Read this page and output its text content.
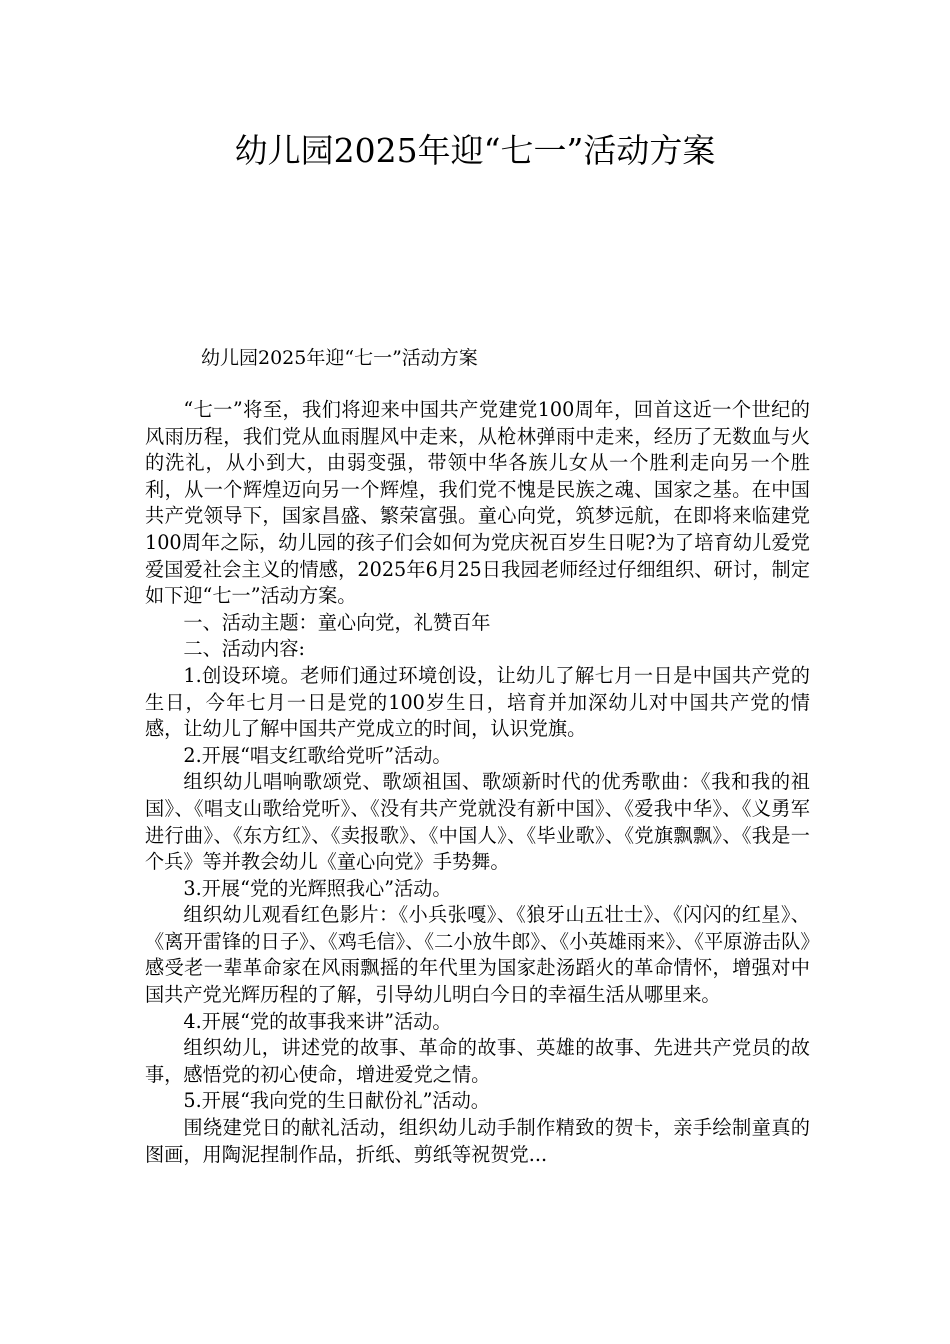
幼儿园2025年迎“七一”活动方案

幼儿园2025年迎“七一”活动方案

“七一”将至，我们将迎来中国共产党建党100周年，回首这近一个世纪的风雨历程，我们党从血雨腥风中走来，从枪林弹雨中走来，经历了无数血与火的洗礼，从小到大，由弱变强，带领中华各族儿女从一个胜利走向另一个胜利，从一个辉煌迈向另一个辉煌，我们党不愧是民族之魂、国家之基。在中国共产党领导下，国家昌盛、繁荣富强。童心向党，筑梦远航，在即将来临建党100周年之际，幼儿园的孩子们会如何为党庆祝百岁生日呢?为了培育幼儿爱党爱国爱社会主义的情感，2025年6月25日我园老师经过仔细组织、研讨，制定如下迎“七一”活动方案。

一、活动主题：童心向党，礼赞百年

二、活动内容:

1.创设环境。老师们通过环境创设，让幼儿了解七月一日是中国共产党的生日，今年七月一日是党的100岁生日，培育并加深幼儿对中国共产党的情感，让幼儿了解中国共产党成立的时间，认识党旗。

2.开展“唱支红歌给党听”活动。

组织幼儿唱响歌颂党、歌颂祖国、歌颂新时代的优秀歌曲：《我和我的祖国》、《唱支山歌给党听》、《没有共产党就没有新中国》、《爱我中华》、《义勇军进行曲》、《东方红》、《卖报歌》、《中国人》、《毕业歌》、《党旗飘飘》、《我是一个兵》等并教会幼儿《童心向党》手势舞。

3.开展“党的光辉照我心”活动。

组织幼儿观看红色影片：《小兵张嘎》、《狼牙山五壮士》、《闪闪的红星》、《离开雷锋的日子》、《鸡毛信》、《二小放牛郎》、《小英雄雨来》、《平原游击队》感受老一辈革命家在风雨飘摇的年代里为国家赴汤蹈火的革命情怀，增强对中国共产党光辉历程的了解，引导幼儿明白今日的幸福生活从哪里来。

4.开展“党的故事我来讲”活动。

组织幼儿，讲述党的故事、革命的故事、英雄的故事、先进共产党员的故事，感悟党的初心使命，增进爱党之情。

5.开展“我向党的生日献份礼”活动。

围绕建党日的献礼活动，组织幼儿动手制作精致的贺卡，亲手绘制童真的图画，用陶泥捏制作品，折纸、剪纸等祝贺党...
